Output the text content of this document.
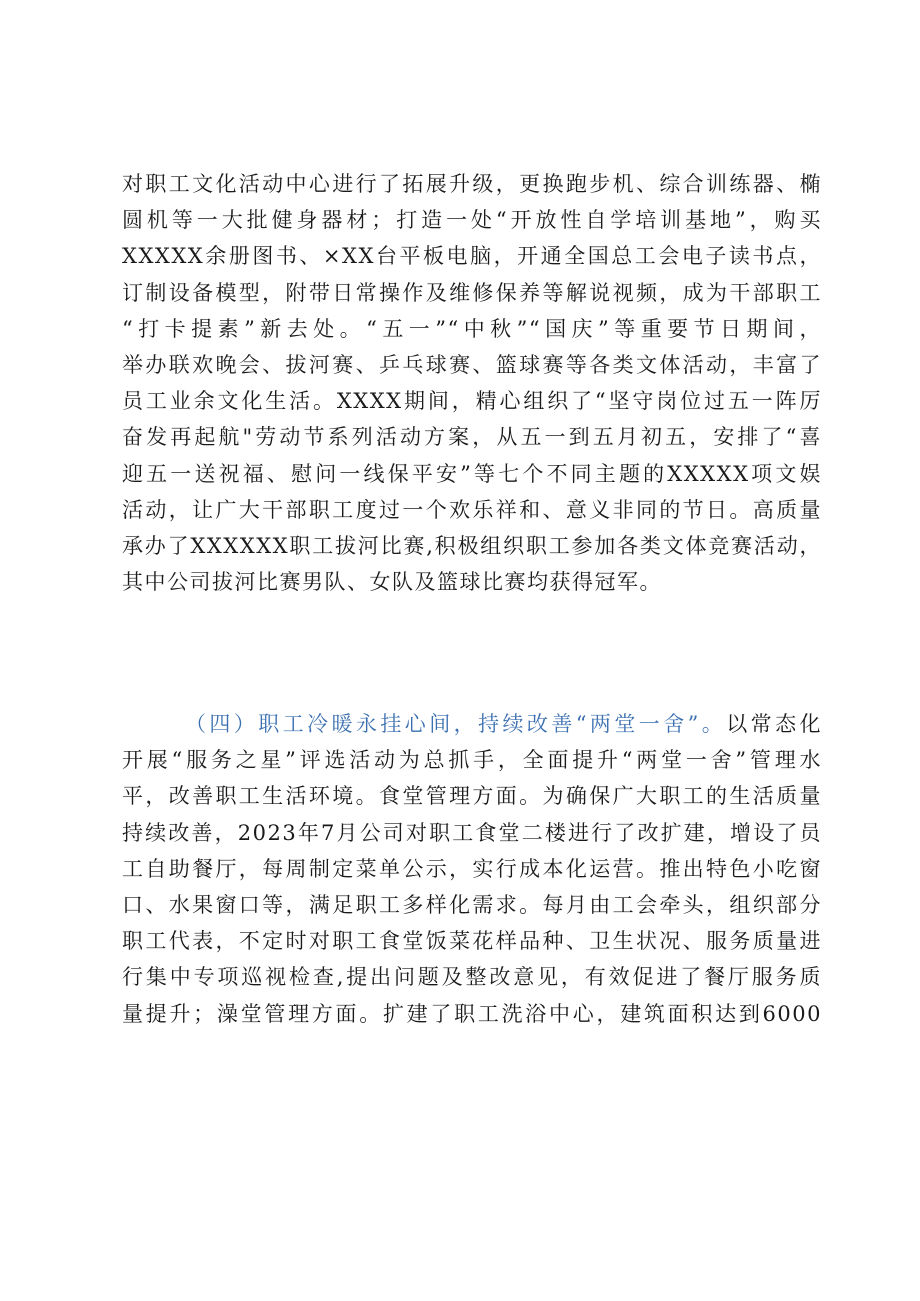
对职工文化活动中心进行了拓展升级，更换跑步机、综合训练器、椭
圆机等一大批健身器材；打造一处“开放性自学培训基地”，购买
XXXXX余册图书、×XX台平板电脑，开通全国总工会电子读书点，
订制设备模型，附带日常操作及维修保养等解说视频，成为干部职工
“打卡提素”新去处。“五一”“中秋”“国庆”等重要节日期间，
举办联欢晚会、拔河赛、乒乓球赛、篮球赛等各类文体活动，丰富了
员工业余文化生活。XXXX期间，精心组织了“坚守岗位过五一阵厉
奋发再起航"劳动节系列活动方案，从五一到五月初五，安排了“喜
迎五一送祝福、慰问一线保平安”等七个不同主题的XXXXX项文娱
活动，让广大干部职工度过一个欢乐祥和、意义非同的节日。高质量
承办了XXXXXX职工拔河比赛,积极组织职工参加各类文体竞赛活动，
其中公司拔河比赛男队、女队及篮球比赛均获得冠军。
（四）职工冷暖永挂心间，持续改善“两堂一舍”。以常态化
开展“服务之星”评选活动为总抓手，全面提升“两堂一舍”管理水
平，改善职工生活环境。食堂管理方面。为确保广大职工的生活质量
持续改善，2023年7月公司对职工食堂二楼进行了改扩建，增设了员
工自助餐厅，每周制定菜单公示，实行成本化运营。推出特色小吃窗
口、水果窗口等，满足职工多样化需求。每月由工会牵头，组织部分
职工代表，不定时对职工食堂饭菜花样品种、卫生状况、服务质量进
行集中专项巡视检查,提出问题及整改意见，有效促进了餐厅服务质
量提升；澡堂管理方面。扩建了职工洗浴中心，建筑面积达到6000
